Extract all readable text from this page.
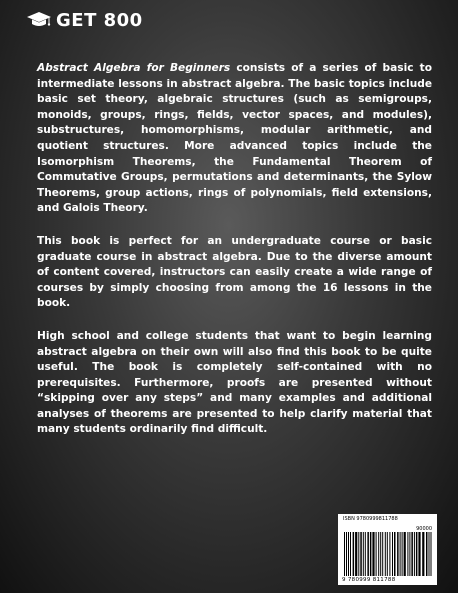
GET 800

Abstract Algebra for Beginners consists of a series of basic to intermediate lessons in abstract algebra. The basic topics include basic set theory, algebraic structures (such as semigroups, monoids, groups, rings, fields, vector spaces, and modules), substructures, homomorphisms, modular arithmetic, and quotient structures. More advanced topics include the Isomorphism Theorems, the Fundamental Theorem of Commutative Groups, permutations and determinants, the Sylow Theorems, group actions, rings of polynomials, field extensions, and Galois Theory.

This book is perfect for an undergraduate course or basic graduate course in abstract algebra. Due to the diverse amount of content covered, instructors can easily create a wide range of courses by simply choosing from among the 16 lessons in the book.

High school and college students that want to begin learning abstract algebra on their own will also find this book to be quite useful. The book is completely self-contained with no prerequisites. Furthermore, proofs are presented without “skipping over any steps” and many examples and additional analyses of theorems are presented to help clarify material that many students ordinarily find difficult.

ISBN 9780999811788
90000
9 780999 811788
